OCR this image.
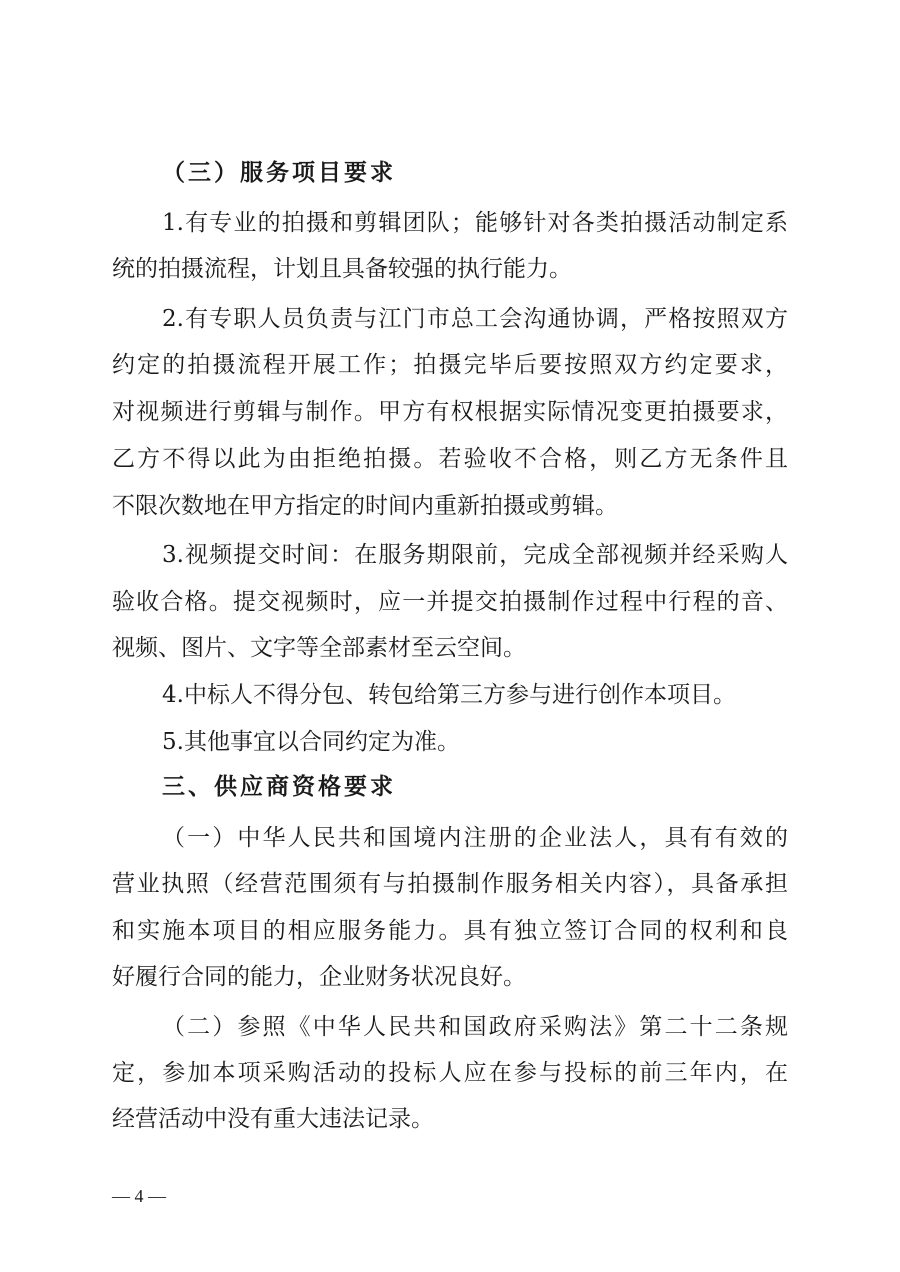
（三）服务项目要求

1.有专业的拍摄和剪辑团队；能够针对各类拍摄活动制定系

统的拍摄流程，计划且具备较强的执行能力。

2.有专职人员负责与江门市总工会沟通协调，严格按照双方

约定的拍摄流程开展工作；拍摄完毕后要按照双方约定要求，

对视频进行剪辑与制作。甲方有权根据实际情况变更拍摄要求，

乙方不得以此为由拒绝拍摄。若验收不合格，则乙方无条件且

不限次数地在甲方指定的时间内重新拍摄或剪辑。

3.视频提交时间：在服务期限前，完成全部视频并经采购人

验收合格。提交视频时，应一并提交拍摄制作过程中行程的音、

视频、图片、文字等全部素材至云空间。

4.中标人不得分包、转包给第三方参与进行创作本项目。

5.其他事宜以合同约定为准。

三、供应商资格要求

（一）中华人民共和国境内注册的企业法人，具有有效的

营业执照（经营范围须有与拍摄制作服务相关内容），具备承担

和实施本项目的相应服务能力。具有独立签订合同的权利和良

好履行合同的能力，企业财务状况良好。

（二）参照《中华人民共和国政府采购法》第二十二条规

定，参加本项采购活动的投标人应在参与投标的前三年内，在

经营活动中没有重大违法记录。

— 4 —
